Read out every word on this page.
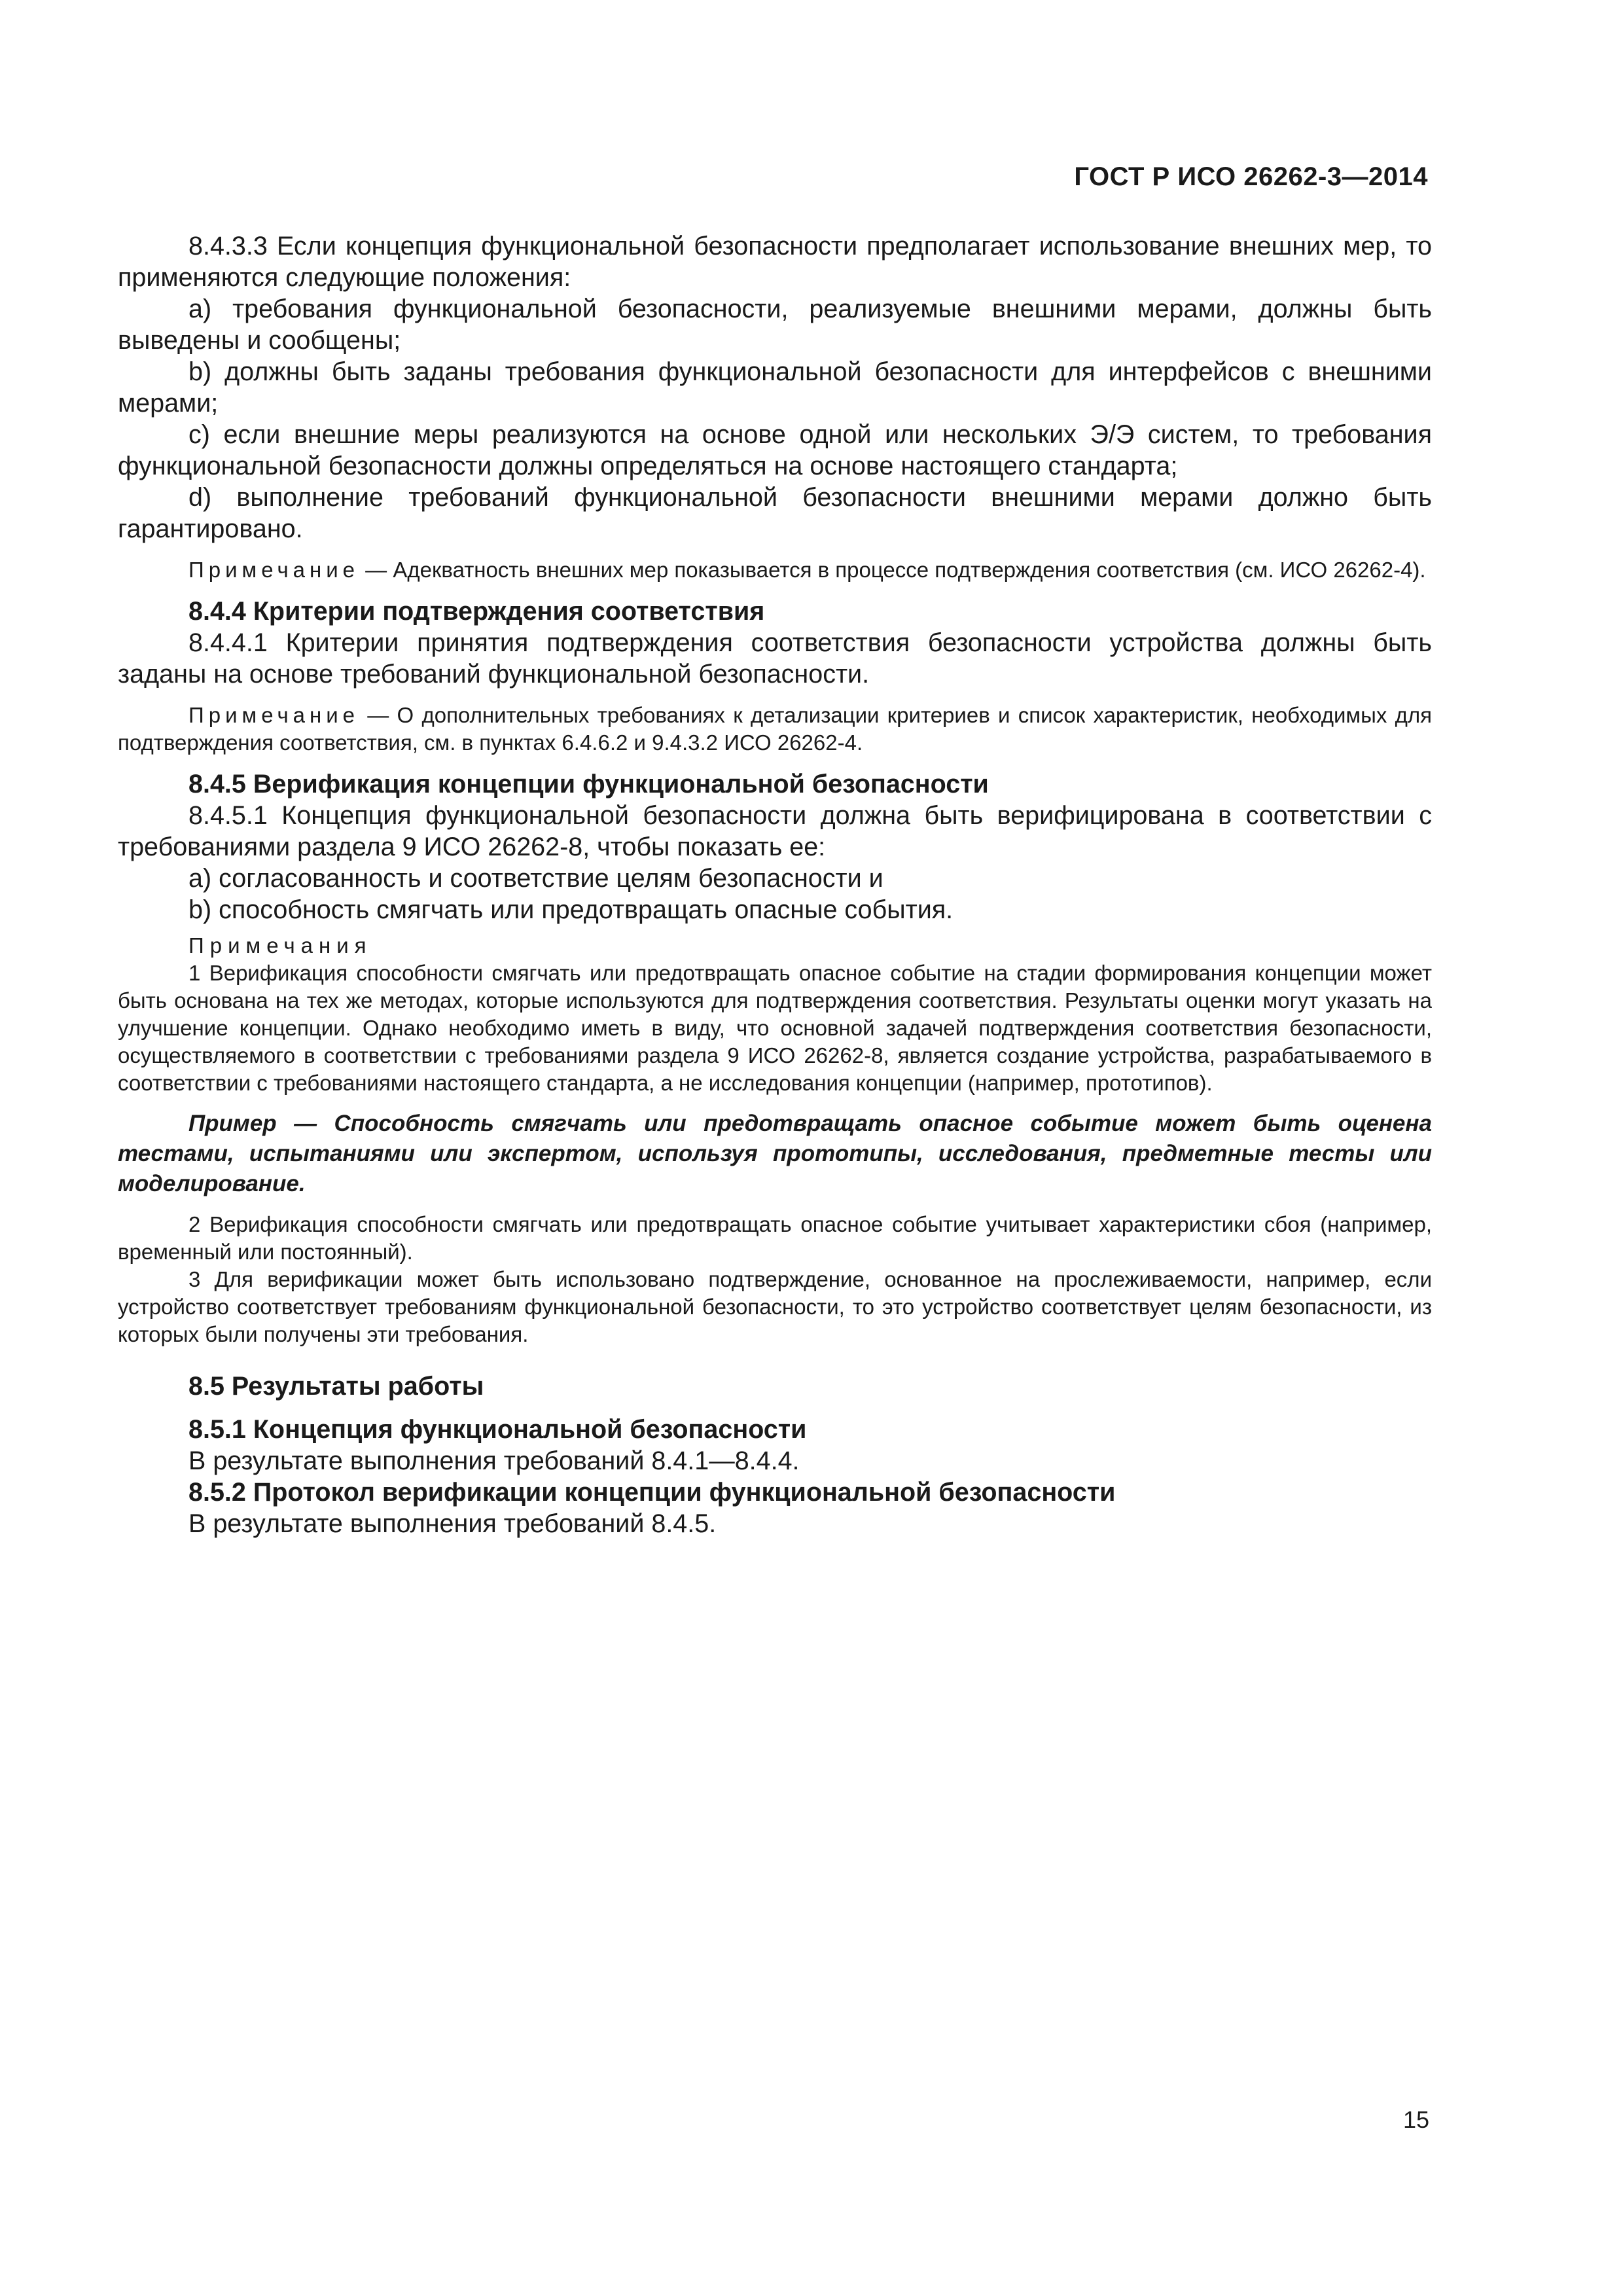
ГОСТ Р ИСО 26262-3—2014

8.4.3.3 Если концепция функциональной безопасности предполагает использование внешних мер, то применяются следующие положения:

a) требования функциональной безопасности, реализуемые внешними мерами, должны быть выведены и сообщены;

b) должны быть заданы требования функциональной безопасности для интерфейсов с внешними мерами;

c) если внешние меры реализуются на основе одной или нескольких Э/Э систем, то требования функциональной безопасности должны определяться на основе настоящего стандарта;

d) выполнение требований функциональной безопасности внешними мерами должно быть гарантировано.

Примечание — Адекватность внешних мер показывается в процессе подтверждения соответствия (см. ИСО 26262-4).

8.4.4 Критерии подтверждения соответствия

8.4.4.1 Критерии принятия подтверждения соответствия безопасности устройства должны быть заданы на основе требований функциональной безопасности.

Примечание — О дополнительных требованиях к детализации критериев и список характеристик, необходимых для подтверждения соответствия, см. в пунктах 6.4.6.2 и 9.4.3.2 ИСО 26262-4.

8.4.5 Верификация концепции функциональной безопасности

8.4.5.1 Концепция функциональной безопасности должна быть верифицирована в соответствии с требованиями раздела 9 ИСО 26262-8, чтобы показать ее:

a) согласованность и соответствие целям безопасности и

b) способность смягчать или предотвращать опасные события.

Примечания

1 Верификация способности смягчать или предотвращать опасное событие на стадии формирования концепции может быть основана на тех же методах, которые используются для подтверждения соответствия. Результаты оценки могут указать на улучшение концепции. Однако необходимо иметь в виду, что основной задачей подтверждения соответствия безопасности, осуществляемого в соответствии с требованиями раздела 9 ИСО 26262-8, является создание устройства, разрабатываемого в соответствии с требованиями настоящего стандарта, а не исследования концепции (например, прототипов).

Пример — Способность смягчать или предотвращать опасное событие может быть оценена тестами, испытаниями или экспертом, используя прототипы, исследования, предметные тесты или моделирование.

2 Верификация способности смягчать или предотвращать опасное событие учитывает характеристики сбоя (например, временный или постоянный).

3 Для верификации может быть использовано подтверждение, основанное на прослеживаемости, например, если устройство соответствует требованиям функциональной безопасности, то это устройство соответствует целям безопасности, из которых были получены эти требования.

8.5 Результаты работы

8.5.1 Концепция функциональной безопасности

В результате выполнения требований 8.4.1—8.4.4.

8.5.2 Протокол верификации концепции функциональной безопасности

В результате выполнения требований 8.4.5.

15
